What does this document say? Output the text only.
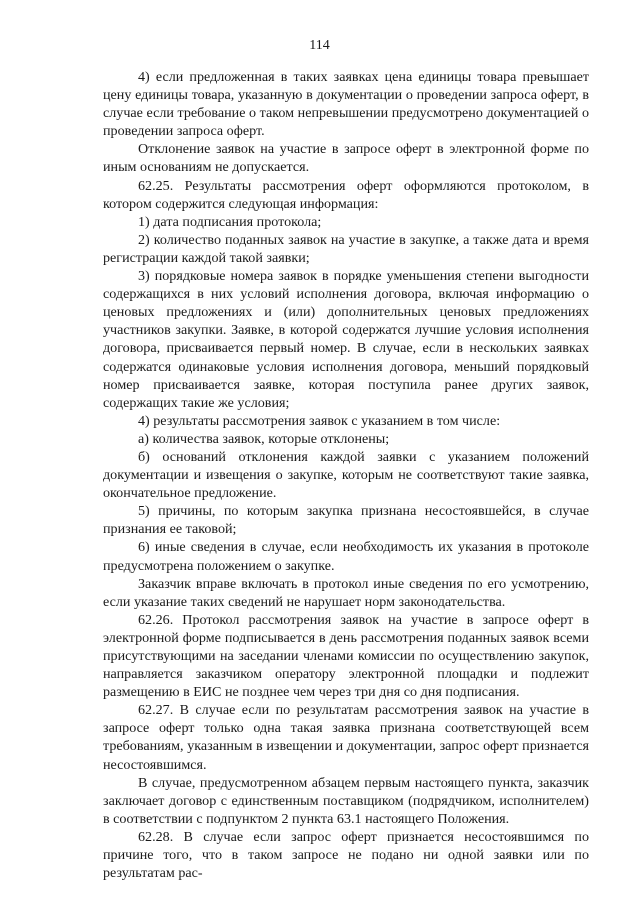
114

4) если предложенная в таких заявках цена единицы товара превышает цену единицы товара, указанную в документации о проведении запроса оферт, в случае если требование о таком непревышении предусмотрено документацией о проведении запроса оферт.

Отклонение заявок на участие в запросе оферт в электронной форме по иным основаниям не допускается.

62.25. Результаты рассмотрения оферт оформляются протоколом, в котором содержится следующая информация:

1) дата подписания протокола;

2) количество поданных заявок на участие в закупке, а также дата и время регистрации каждой такой заявки;

3) порядковые номера заявок в порядке уменьшения степени выгодности содержащихся в них условий исполнения договора, включая информацию о ценовых предложениях и (или) дополнительных ценовых предложениях участников закупки. Заявке, в которой содержатся лучшие условия исполнения договора, присваивается первый номер. В случае, если в нескольких заявках содержатся одинаковые условия исполнения договора, меньший порядковый номер присваивается заявке, которая поступила ранее других заявок, содержащих такие же условия;

4) результаты рассмотрения заявок с указанием в том числе:

а) количества заявок, которые отклонены;

б) оснований отклонения каждой заявки с указанием положений документации и извещения о закупке, которым не соответствуют такие заявка, окончательное предложение.

5) причины, по которым закупка признана несостоявшейся, в случае признания ее таковой;

6) иные сведения в случае, если необходимость их указания в протоколе предусмотрена положением о закупке.

Заказчик вправе включать в протокол иные сведения по его усмотрению, если указание таких сведений не нарушает норм законодательства.

62.26. Протокол рассмотрения заявок на участие в запросе оферт в электронной форме подписывается в день рассмотрения поданных заявок всеми присутствующими на заседании членами комиссии по осуществлению закупок, направляется заказчиком оператору электронной площадки и подлежит размещению в ЕИС не позднее чем через три дня со дня подписания.

62.27. В случае если по результатам рассмотрения заявок на участие в запросе оферт только одна такая заявка признана соответствующей всем требованиям, указанным в извещении и документации, запрос оферт признается несостоявшимся.

В случае, предусмотренном абзацем первым настоящего пункта, заказчик заключает договор с единственным поставщиком (подрядчиком, исполнителем) в соответствии с подпунктом 2 пункта 63.1 настоящего Положения.

62.28. В случае если запрос оферт признается несостоявшимся по причине того, что в таком запросе не подано ни одной заявки или по результатам рас-
